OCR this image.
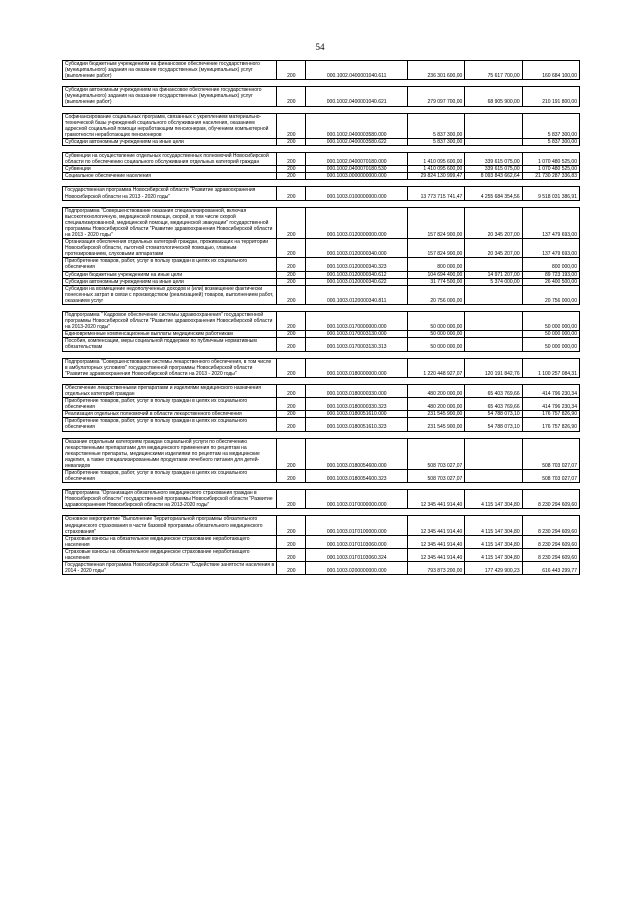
54
Субсидии бюджетным учреждениям на финансовое обеспечение государственного (муниципального) задания на оказание государственных (муниципальных) услуг (выполнение работ)	200	000.1002.0400001040.611	236 301 600,00	75 617 700,00	160 684 100,00

Субсидии автономным учреждениям на финансовое обеспечение государственного (муниципального) задания на оказание государственных (муниципальных) услуг (выполнение работ)	200	000.1002.0400001040.621	279 097 700,00	68 905 900,00	210 191 800,00

Софинансирование социальных программ, связанных с укреплением материально-технической базы учреждений социального обслуживания населения, оказанием адресной социальной помощи неработающим пенсионерам, обучением компьютерной грамотности неработающих пенсионеров	200	000.1002.0400003580.000	5 837 300,00		5 837 300,00
Субсидии автономным учреждениям на иные цели	200	000.1002.0400003580.622	5 837 300,00		5 837 300,00

Субвенции на осуществление отдельных государственных полномочий Новосибирской области по обеспечению социального обслуживания отдельных категорий граждан	200	000.1002.0400070180.000	1 410 095 600,00	339 615 075,00	1 070 480 525,00
Субвенции	200	000.1002.0400070180.530	1 410 095 600,00	339 615 075,00	1 070 480 525,00
Социальное обеспечение населения	200	000.1003.0000000000.000	29 824 130 999,47	8 093 843 662,64	21 730 287 336,83

Государственная программа Новосибирской области "Развитие здравоохранения Новосибирской области на 2013 - 2020 годы"	200	000.1003.0100000000.000	13 773 715 741,47	4 255 684 354,56	9 518 031 386,91

Подпрограмма "Совершенствование оказания специализированной, включая высокотехнологичную, медицинской помощи, скорой, в том числе скорой специализированной, медицинской помощи, медицинской эвакуации" государственной программы Новосибирской области "Развитие здравоохранения Новосибирской области на 2013 - 2020 годы"	200	000.1003.0120000000.000	157 824 900,00	20 345 207,00	137 479 693,00
Организация обеспечения отдельных категорий граждан, проживающих на территории Новосибирской области, льготной стоматологической помощью, главным протезированием, слуховыми аппаратами	200	000.1003.0120000340.000	157 824 900,00	20 345 207,00	137 479 693,00
Приобретение товаров, работ, услуг в пользу граждан в целях их социального обеспечения	200	000.1003.0120000340.323	800 000,00		800 000,00
Субсидии бюджетным учреждениям на иные цели	200	000.1003.0120000340.612	104 694 400,00	14 971 207,00	89 723 193,00
Субсидии автономным учреждениям на иные цели	200	000.1003.0120000340.622	31 774 500,00	5 374 000,00	26 400 500,00
Субсидии на возмещение недополученных доходов и (или) возмещение фактически понесенных затрат в связи с производством (реализацией) товаров, выполнением работ, оказанием услуг	200	000.1003.0120000340.811	20 756 000,00		20 756 000,00

Подпрограмма " Кадровое обеспечение системы здравоохранения" государственной программы Новосибирской области "Развитие здравоохранения Новосибирской области на 2013-2020 годы"	200	000.1003.0170000000.000	50 000 000,00		50 000 000,00
Единовременные компенсационные выплаты медицинским работникам	200	000.1003.0170003130.000	50 000 000,00		50 000 000,00
Пособия, компенсации, меры социальной поддержки по публичным нормативным обязательствам	200	000.1003.0170003130.313	50 000 000,00		50 000 000,00

Подпрограмма "Совершенствование системы лекарственного обеспечения, в том числе в амбулаторных условиях" государственной программы Новосибирской области "Развитие здравоохранения Новосибирской области на 2013 - 2020 годы"	200	000.1003.0180000000.000	1 220 448 927,07	120 191 842,76	1 100 257 084,31

Обеспечение лекарственными препаратами и изделиями медицинского назначения отдельных категорий граждан	200	000.1003.0180000330.000	480 200 000,00	65 403 769,66	414 796 230,34
Приобретение товаров, работ, услуг в пользу граждан в целях их социального обеспечения	200	000.1003.0180000330.323	480 200 000,00	65 403 769,66	414 796 230,34
Реализация отдельных полномочий в области лекарственного обеспечения	200	000.1003.0180051610.000	231 545 900,00	54 788 073,10	176 757 826,90
Приобретение товаров, работ, услуг в пользу граждан в целях их социального обеспечения	200	000.1003.0180051610.323	231 545 900,00	54 788 073,10	176 757 826,90

Оказание отдельным категориям граждан социальной услуги по обеспечению лекарственными препаратами для медицинского применения по рецептам на лекарственные препараты, медицинскими изделиями по рецептам на медицинские изделия, а также специализированными продуктами лечебного питания для детей-инвалидов	200	000.1003.0180054600.000	508 703 027,07		508 703 027,07
Приобретение товаров, работ, услуг в пользу граждан в целях их социального обеспечения	200	000.1003.0180054600.323	508 703 027,07		508 703 027,07

Подпрограмма "Организация обязательного медицинского страхования граждан в Новосибирской области" государственной программы Новосибирской области "Развитие здравоохранения Новосибирской области на 2013-2020 годы"	200	000.1003.01Г0000000.000	12 345 441 914,40	4 115 147 304,80	8 230 294 609,60

Основное мероприятие "Выполнение Территориальной программы обязательного медицинского страхования в части базовой программы обязательного медицинского страхования"	200	000.1003.01Г0100000.000	12 345 441 914,40	4 115 147 304,80	8 230 294 609,60
Страховые взносы на обязательное медицинское страхование неработающего населения	200	000.1003.01Г0103060.000	12 345 441 914,40	4 115 147 304,80	8 230 294 609,60
Страховые взносы на обязательное медицинское страхование неработающего населения	200	000.1003.01Г0103060.324	12 345 441 914,40	4 115 147 304,80	8 230 294 609,60
Государственная программа Новосибирской области "Содействие занятости населения в 2014 - 2020 годы"	200	000.1003.0200000000.000	793 873 200,00	177 429 900,23	616 443 299,77
